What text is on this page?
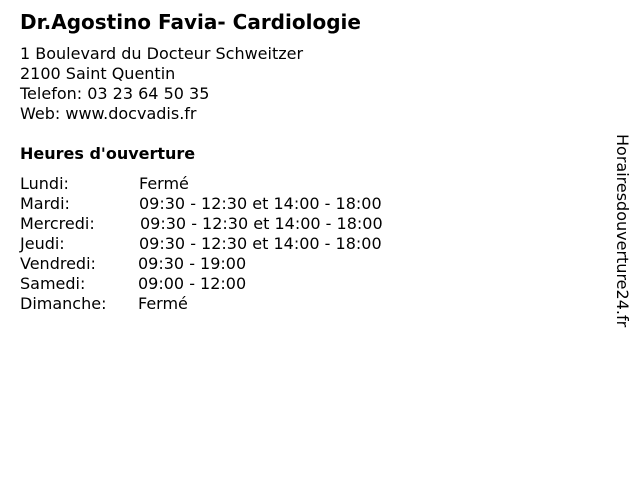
Dr.Agostino Favia- Cardiologie
1 Boulevard du Docteur Schweitzer
2100 Saint Quentin
Telefon: 03 23 64 50 35
Web: www.docvadis.fr
Heures d'ouverture
Lundi:	Fermé
Mardi:	09:30 - 12:30 et 14:00 - 18:00
Mercredi:	09:30 - 12:30 et 14:00 - 18:00
Jeudi:	09:30 - 12:30 et 14:00 - 18:00
Vendredi:	09:30 - 19:00
Samedi:	09:00 - 12:00
Dimanche: Fermé	Horairesdouverture24.fr
